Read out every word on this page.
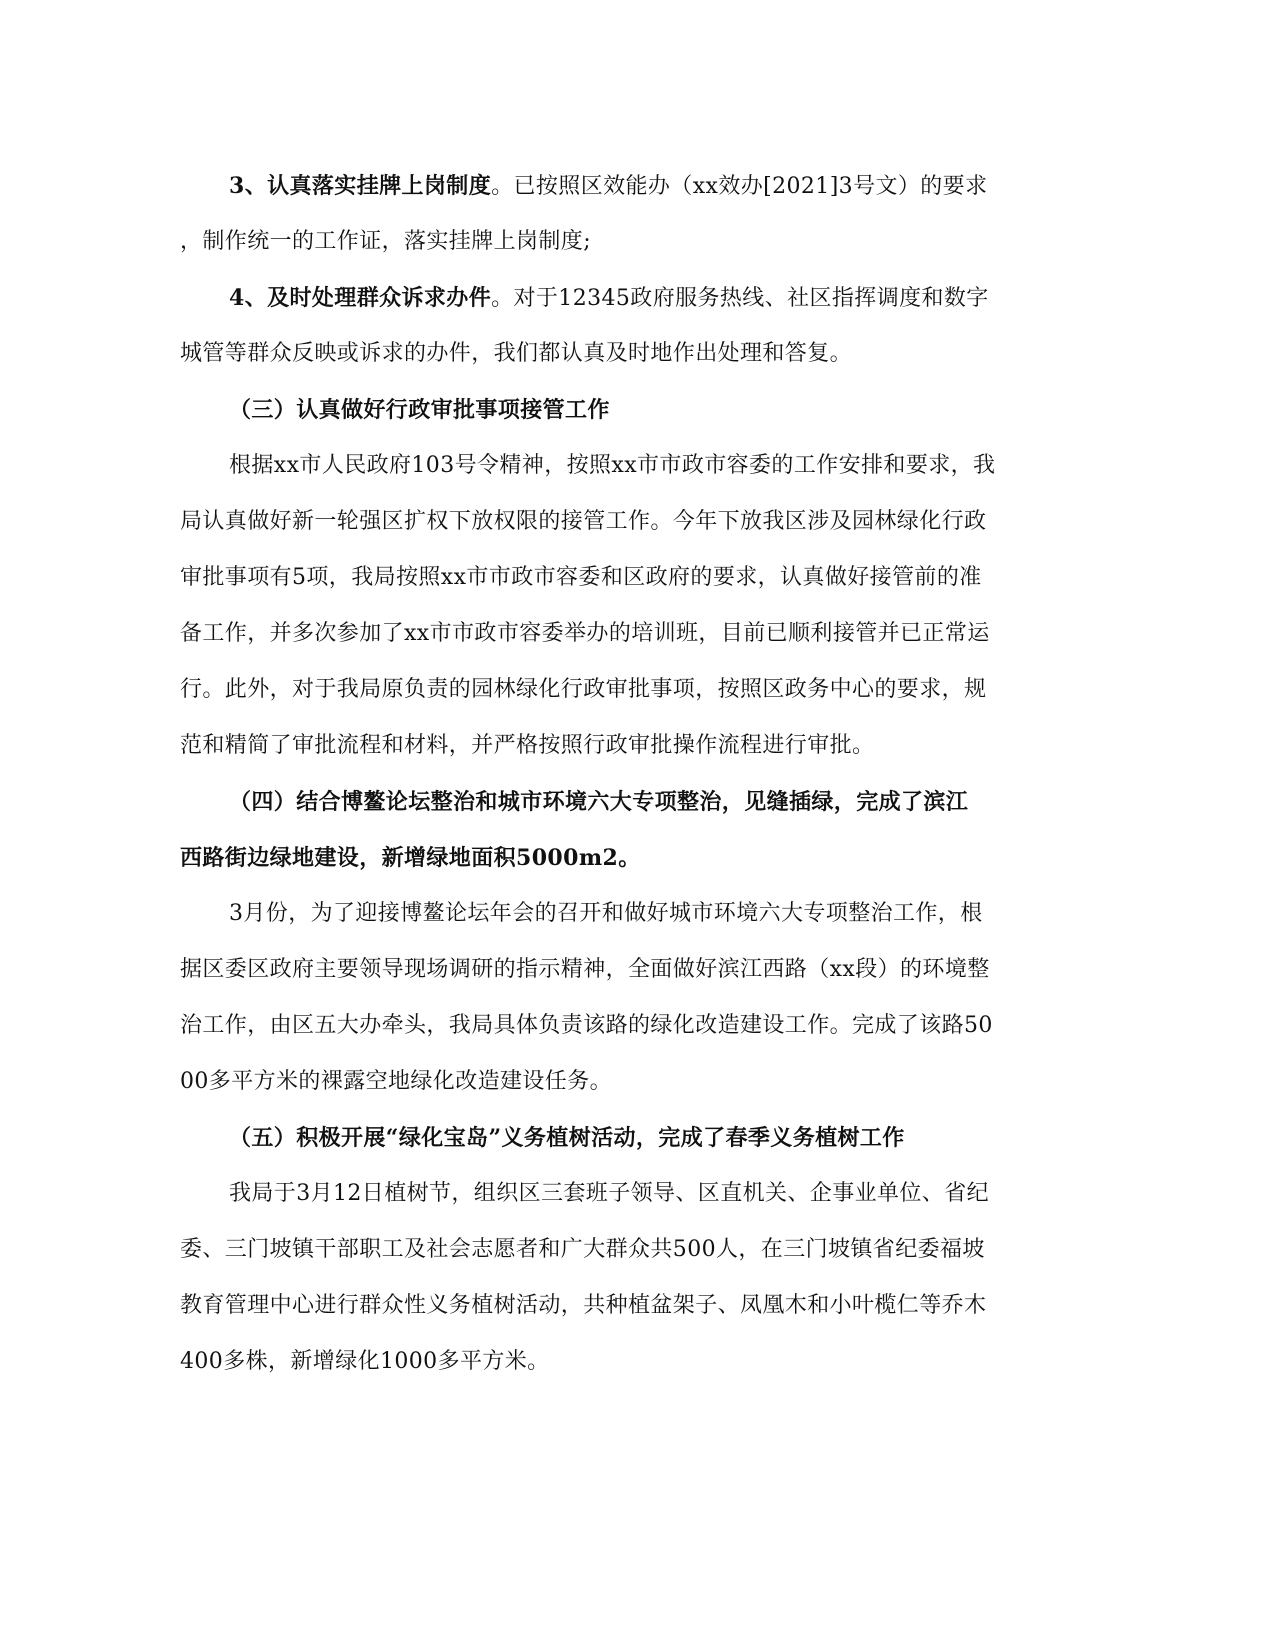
3、认真落实挂牌上岗制度。已按照区效能办（xx效办[2021]3号文）的要求
，制作统一的工作证，落实挂牌上岗制度;
4、及时处理群众诉求办件。对于12345政府服务热线、社区指挥调度和数字
城管等群众反映或诉求的办件，我们都认真及时地作出处理和答复。
（三）认真做好行政审批事项接管工作
根据xx市人民政府103号令精神，按照xx市市政市容委的工作安排和要求，我
局认真做好新一轮强区扩权下放权限的接管工作。今年下放我区涉及园林绿化行政
审批事项有5项，我局按照xx市市政市容委和区政府的要求，认真做好接管前的准
备工作，并多次参加了xx市市政市容委举办的培训班，目前已顺利接管并已正常运
行。此外，对于我局原负责的园林绿化行政审批事项，按照区政务中心的要求，规
范和精简了审批流程和材料，并严格按照行政审批操作流程进行审批。
（四）结合博鳌论坛整治和城市环境六大专项整治，见缝插绿，完成了滨江
西路街边绿地建设，新增绿地面积5000m2。
3月份，为了迎接博鳌论坛年会的召开和做好城市环境六大专项整治工作，根
据区委区政府主要领导现场调研的指示精神，全面做好滨江西路（xx段）的环境整
治工作，由区五大办牵头，我局具体负责该路的绿化改造建设工作。完成了该路50
00多平方米的裸露空地绿化改造建设任务。
（五）积极开展“绿化宝岛”义务植树活动，完成了春季义务植树工作
我局于3月12日植树节，组织区三套班子领导、区直机关、企事业单位、省纪
委、三门坡镇干部职工及社会志愿者和广大群众共500人，在三门坡镇省纪委福坡
教育管理中心进行群众性义务植树活动，共种植盆架子、凤凰木和小叶榄仁等乔木
400多株，新增绿化1000多平方米。
